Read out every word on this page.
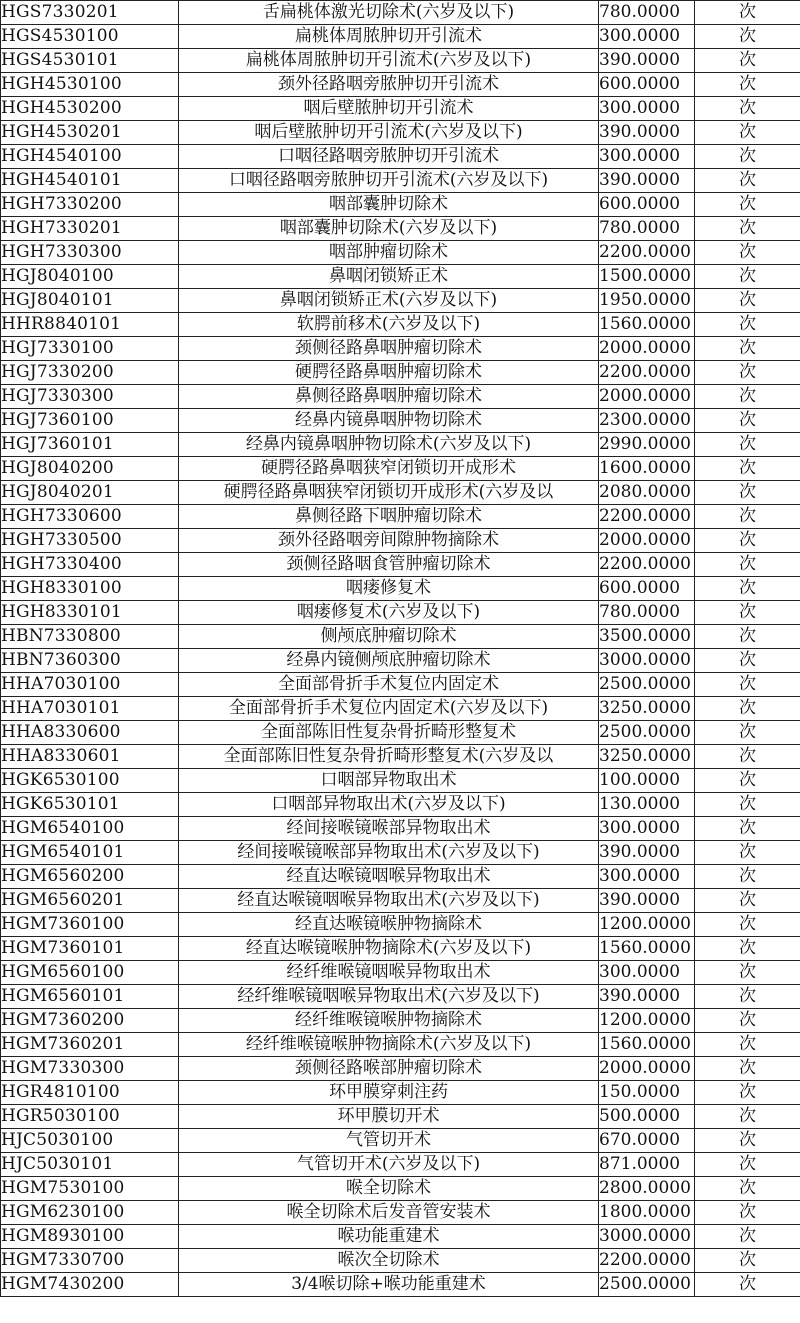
HGS7330201	舌扁桃体激光切除术(六岁及以下)	780.0000	次
HGS4530100	扁桃体周脓肿切开引流术	300.0000	次
HGS4530101	扁桃体周脓肿切开引流术(六岁及以下)	390.0000	次
HGH4530100	颈外径路咽旁脓肿切开引流术	600.0000	次
HGH4530200	咽后壁脓肿切开引流术	300.0000	次
HGH4530201	咽后壁脓肿切开引流术(六岁及以下)	390.0000	次
HGH4540100	口咽径路咽旁脓肿切开引流术	300.0000	次
HGH4540101	口咽径路咽旁脓肿切开引流术(六岁及以下)	390.0000	次
HGH7330200	咽部囊肿切除术	600.0000	次
HGH7330201	咽部囊肿切除术(六岁及以下)	780.0000	次
HGH7330300	咽部肿瘤切除术	2200.0000	次
HGJ8040100	鼻咽闭锁矫正术	1500.0000	次
HGJ8040101	鼻咽闭锁矫正术(六岁及以下)	1950.0000	次
HHR8840101	软腭前移术(六岁及以下)	1560.0000	次
HGJ7330100	颈侧径路鼻咽肿瘤切除术	2000.0000	次
HGJ7330200	硬腭径路鼻咽肿瘤切除术	2200.0000	次
HGJ7330300	鼻侧径路鼻咽肿瘤切除术	2000.0000	次
HGJ7360100	经鼻内镜鼻咽肿物切除术	2300.0000	次
HGJ7360101	经鼻内镜鼻咽肿物切除术(六岁及以下)	2990.0000	次
HGJ8040200	硬腭径路鼻咽狭窄闭锁切开成形术	1600.0000	次
HGJ8040201	硬腭径路鼻咽狭窄闭锁切开成形术(六岁及以	2080.0000	次
HGH7330600	鼻侧径路下咽肿瘤切除术	2200.0000	次
HGH7330500	颈外径路咽旁间隙肿物摘除术	2000.0000	次
HGH7330400	颈侧径路咽食管肿瘤切除术	2200.0000	次
HGH8330100	咽瘘修复术	600.0000	次
HGH8330101	咽瘘修复术(六岁及以下)	780.0000	次
HBN7330800	侧颅底肿瘤切除术	3500.0000	次
HBN7360300	经鼻内镜侧颅底肿瘤切除术	3000.0000	次
HHA7030100	全面部骨折手术复位内固定术	2500.0000	次
HHA7030101	全面部骨折手术复位内固定术(六岁及以下)	3250.0000	次
HHA8330600	全面部陈旧性复杂骨折畸形整复术	2500.0000	次
HHA8330601	全面部陈旧性复杂骨折畸形整复术(六岁及以	3250.0000	次
HGK6530100	口咽部异物取出术	100.0000	次
HGK6530101	口咽部异物取出术(六岁及以下)	130.0000	次
HGM6540100	经间接喉镜喉部异物取出术	300.0000	次
HGM6540101	经间接喉镜喉部异物取出术(六岁及以下)	390.0000	次
HGM6560200	经直达喉镜咽喉异物取出术	300.0000	次
HGM6560201	经直达喉镜咽喉异物取出术(六岁及以下)	390.0000	次
HGM7360100	经直达喉镜喉肿物摘除术	1200.0000	次
HGM7360101	经直达喉镜喉肿物摘除术(六岁及以下)	1560.0000	次
HGM6560100	经纤维喉镜咽喉异物取出术	300.0000	次
HGM6560101	经纤维喉镜咽喉异物取出术(六岁及以下)	390.0000	次
HGM7360200	经纤维喉镜喉肿物摘除术	1200.0000	次
HGM7360201	经纤维喉镜喉肿物摘除术(六岁及以下)	1560.0000	次
HGM7330300	颈侧径路喉部肿瘤切除术	2000.0000	次
HGR4810100	环甲膜穿刺注药	150.0000	次
HGR5030100	环甲膜切开术	500.0000	次
HJC5030100	气管切开术	670.0000	次
HJC5030101	气管切开术(六岁及以下)	871.0000	次
HGM7530100	喉全切除术	2800.0000	次
HGM6230100	喉全切除术后发音管安装术	1800.0000	次
HGM8930100	喉功能重建术	3000.0000	次
HGM7330700	喉次全切除术	2200.0000	次
HGM7430200	3/4喉切除+喉功能重建术	2500.0000	次
